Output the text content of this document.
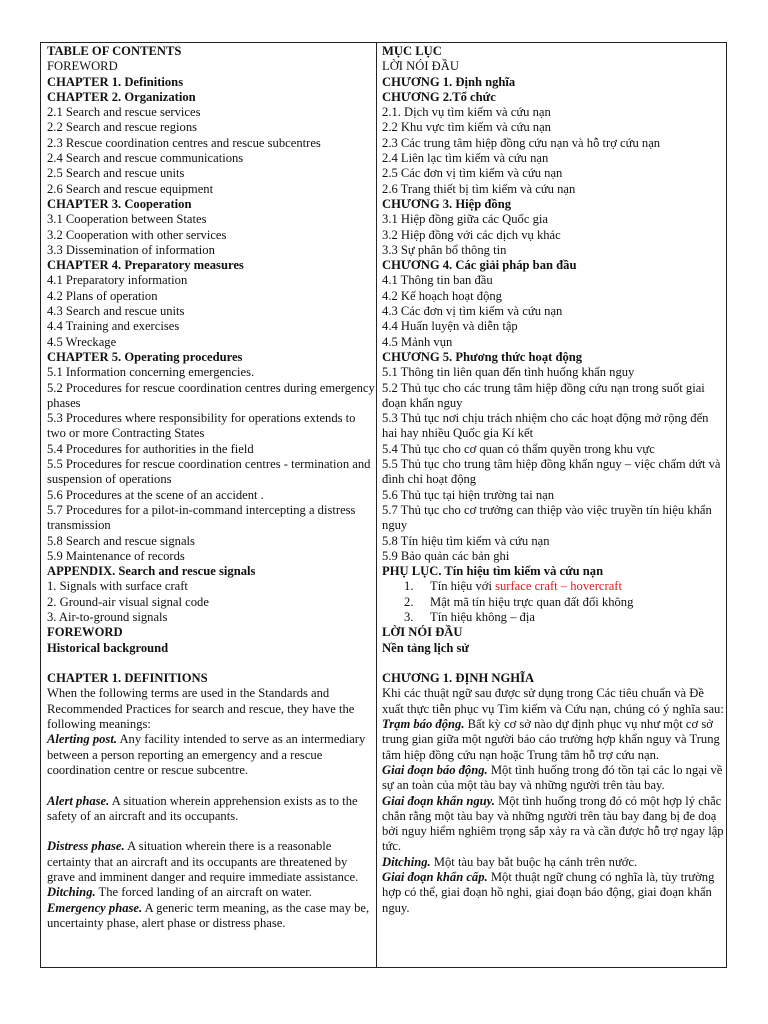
TABLE OF CONTENTS
FOREWORD
CHAPTER 1. Definitions
CHAPTER 2. Organization
2.1 Search and rescue services
2.2 Search and rescue regions
2.3 Rescue coordination centres and rescue subcentres
2.4 Search and rescue communications
2.5 Search and rescue units
2.6 Search and rescue equipment
CHAPTER 3. Cooperation
3.1 Cooperation between States
3.2 Cooperation with other services
3.3 Dissemination of information
CHAPTER 4. Preparatory measures
4.1 Preparatory information
4.2 Plans of operation
4.3 Search and rescue units
4.4 Training and exercises
4.5 Wreckage
CHAPTER 5. Operating procedures
5.1 Information concerning emergencies.
5.2 Procedures for rescue coordination centres during emergency phases
5.3 Procedures where responsibility for operations extends to two or more Contracting States
5.4 Procedures for authorities in the field
5.5 Procedures for rescue coordination centres - termination and suspension of operations
5.6 Procedures at the scene of an accident .
5.7 Procedures for a pilot-in-command intercepting a distress transmission
5.8 Search and rescue signals
5.9 Maintenance of records
APPENDIX. Search and rescue signals
1. Signals with surface craft
2. Ground-air visual signal code
3. Air-to-ground signals
FOREWORD
Historical background
CHAPTER 1. DEFINITIONS
When the following terms are used in the Standards and Recommended Practices for search and rescue, they have the following meanings:
Alerting post. Any facility intended to serve as an intermediary between a person reporting an emergency and a rescue coordination centre or rescue subcentre.
Alert phase. A situation wherein apprehension exists as to the safety of an aircraft and its occupants.
Distress phase. A situation wherein there is a reasonable certainty that an aircraft and its occupants are threatened by grave and imminent danger and require immediate assistance.
Ditching. The forced landing of an aircraft on water.
Emergency phase. A generic term meaning, as the case may be, uncertainty phase, alert phase or distress phase.
MỤC LỤC
LỜI NÓI ĐẦU
CHƯƠNG 1. Định nghĩa
CHƯƠNG 2.Tổ chức
2.1. Dịch vụ tìm kiếm và cứu nạn
2.2 Khu vực tìm kiếm và cứu nạn
2.3 Các trung tâm hiệp đồng cứu nạn và hỗ trợ cứu nạn
2.4 Liên lạc tìm kiếm và cứu nạn
2.5 Các đơn vị tìm kiếm và cứu nạn
2.6 Trang thiết bị tìm kiếm và cứu nạn
CHƯƠNG 3. Hiệp đồng
3.1 Hiệp đồng giữa các Quốc gia
3.2 Hiệp đồng với các dịch vụ khác
3.3 Sự phân bổ thông tin
CHƯƠNG 4. Các giải pháp ban đầu
4.1 Thông tin ban đầu
4.2 Kế hoạch hoạt động
4.3 Các đơn vị tìm kiếm và cứu nạn
4.4 Huấn luyện và diễn tập
4.5 Mảnh vụn
CHƯƠNG 5. Phương thức hoạt động
5.1 Thông tin liên quan đến tình huống khẩn nguy
5.2 Thủ tục cho các trung tâm hiệp đồng cứu nạn trong suốt giai đoạn khẩn nguy
5.3 Thủ tục nơi chịu trách nhiệm cho các hoạt động mở rộng đến hai hay nhiều Quốc gia Kí kết
5.4 Thủ tục cho cơ quan có thẩm quyền trong khu vực
5.5 Thủ tục cho trung tâm hiệp đồng khẩn nguy – việc chấm dứt và đình chỉ hoạt động
5.6 Thủ tục tại hiện trường tai nạn
5.7 Thủ tục cho cơ trưởng can thiệp vào việc truyền tín hiệu khẩn nguy
5.8 Tín hiệu tìm kiếm và cứu nạn
5.9 Bảo quản các bản ghi
PHỤ LỤC. Tín hiệu tìm kiếm và cứu nạn
1. Tín hiệu với surface craft – hovercraft
2. Mật mã tín hiệu trực quan đất đối không
3. Tín hiệu không – địa
LỜI NÓI ĐẦU
Nền tảng lịch sử
CHƯƠNG 1. ĐỊNH NGHĨA
Khi các thuật ngữ sau được sử dụng trong Các tiêu chuẩn và Đề xuất thực tiễn phục vụ Tìm kiếm và Cứu nạn, chúng có ý nghĩa sau:
Trạm báo động. Bất kỳ cơ sở nào dự định phục vụ như một cơ sở trung gian giữa một người báo cáo trường hợp khẩn nguy và Trung tâm hiệp đồng cứu nạn hoặc Trung tâm hỗ trợ cứu nạn.
Giai đoạn báo động. Một tình huống trong đó tồn tại các lo ngại về sự an toàn của một tàu bay và những người trên tàu bay.
Giai đoạn khẩn nguy. Một tình huống trong đó có một hợp lý chắc chắn rằng một tàu bay và những người trên tàu bay đang bị đe doạ bởi nguy hiểm nghiêm trọng sắp xảy ra và cần được hỗ trợ ngay lập tức.
Ditching. Một tàu bay bắt buộc hạ cánh trên nước.
Giai đoạn khẩn cấp. Một thuật ngữ chung có nghĩa là, tùy trường hợp có thể, giai đoạn hồ nghi, giai đoạn báo động, giai đoạn khẩn nguy.
